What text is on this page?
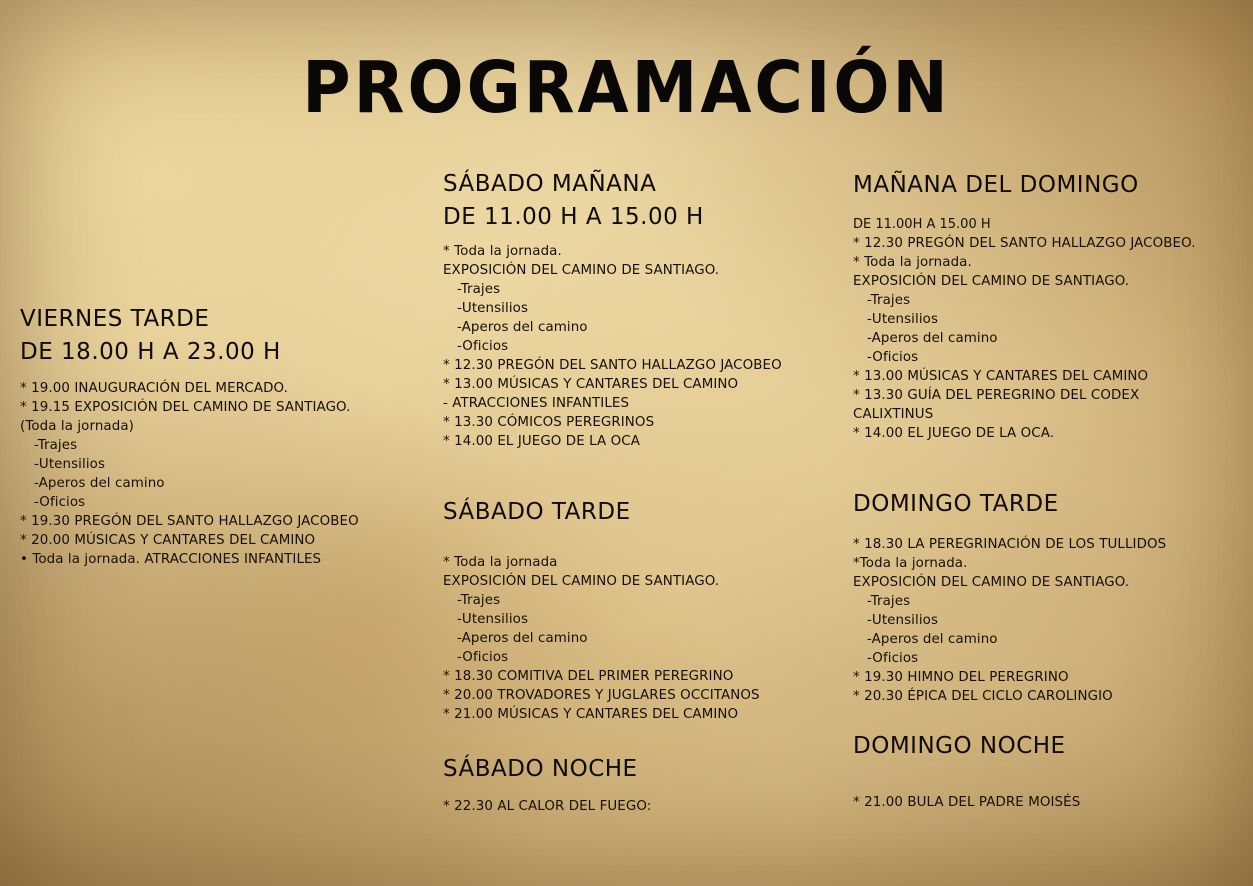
PROGRAMACIÓN
VIERNES TARDE
DE 18.00 H A 23.00 H
* 19.00 INAUGURACIÓN DEL MERCADO.
* 19.15 EXPOSICIÓN DEL CAMINO DE SANTIAGO.
(Toda la jornada)
-Trajes
-Utensilios
-Aperos del camino
-Oficios
* 19.30 PREGÓN DEL SANTO HALLAZGO JACOBEO
* 20.00 MÚSICAS Y CANTARES DEL CAMINO
• Toda la jornada. ATRACCIONES INFANTILES
SÁBADO MAÑANA
DE 11.00 H A 15.00 H
* Toda la jornada.
EXPOSICIÓN DEL CAMINO DE SANTIAGO.
-Trajes
-Utensilios
-Aperos del camino
-Oficios
* 12.30 PREGÓN DEL SANTO HALLAZGO JACOBEO
* 13.00 MÚSICAS Y CANTARES DEL CAMINO
- ATRACCIONES INFANTILES
* 13.30 CÓMICOS PEREGRINOS
* 14.00 EL JUEGO DE LA OCA
SÁBADO TARDE
* Toda la jornada
EXPOSICIÓN DEL CAMINO DE SANTIAGO.
-Trajes
-Utensilios
-Aperos del camino
-Oficios
* 18.30 COMITIVA DEL PRIMER PEREGRINO
* 20.00 TROVADORES Y JUGLARES OCCITANOS
* 21.00 MÚSICAS Y CANTARES DEL CAMINO
SÁBADO NOCHE
* 22.30 AL CALOR DEL FUEGO:
MAÑANA DEL DOMINGO
DE 11.00H A 15.00 H
* 12.30 PREGÓN DEL SANTO HALLAZGO JACOBEO.
* Toda la jornada.
EXPOSICIÓN DEL CAMINO DE SANTIAGO.
-Trajes
-Utensilios
-Aperos del camino
-Oficios
* 13.00 MÚSICAS Y CANTARES DEL CAMINO
* 13.30 GUÍA DEL PEREGRINO DEL CODEX
CALIXTINUS
* 14.00 EL JUEGO DE LA OCA.
DOMINGO TARDE
* 18.30 LA PEREGRINACIÓN DE LOS TULLIDOS
*Toda la jornada.
EXPOSICIÓN DEL CAMINO DE SANTIAGO.
-Trajes
-Utensilios
-Aperos del camino
-Oficios
* 19.30 HIMNO DEL PEREGRINO
* 20.30 ÉPICA DEL CICLO CAROLINGIO
DOMINGO NOCHE
* 21.00 BULA DEL PADRE MOISÉS
